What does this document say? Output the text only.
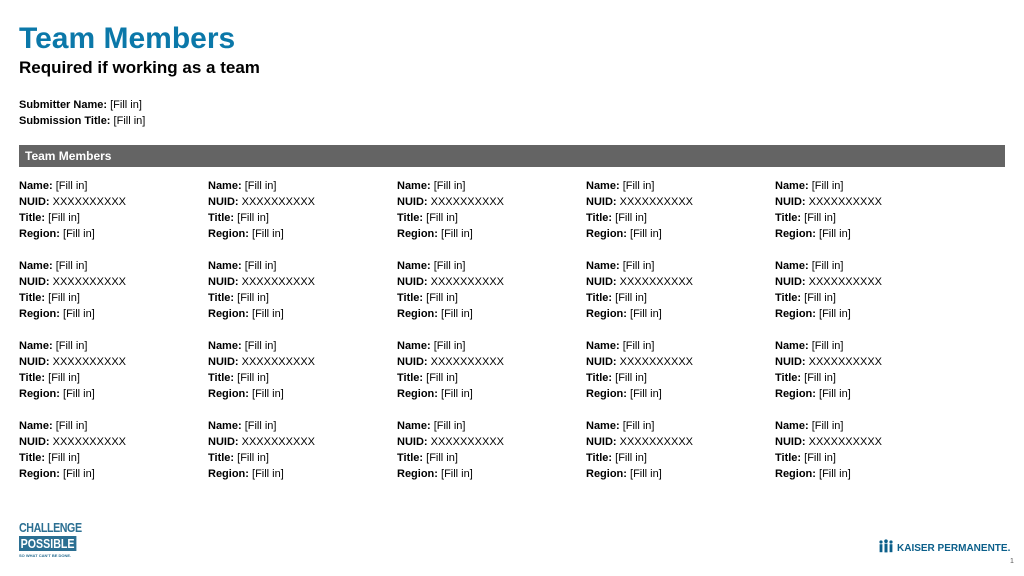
Team Members
Required if working as a team
Submitter Name: [Fill in]
Submission Title: [Fill in]
Team Members
Name: [Fill in]
NUID: XXXXXXXXXX
Title: [Fill in]
Region: [Fill in]
Name: [Fill in]
NUID: XXXXXXXXXX
Title: [Fill in]
Region: [Fill in]
Name: [Fill in]
NUID: XXXXXXXXXX
Title: [Fill in]
Region: [Fill in]
Name: [Fill in]
NUID: XXXXXXXXXX
Title: [Fill in]
Region: [Fill in]
Name: [Fill in]
NUID: XXXXXXXXXX
Title: [Fill in]
Region: [Fill in]
Name: [Fill in]
NUID: XXXXXXXXXX
Title: [Fill in]
Region: [Fill in]
Name: [Fill in]
NUID: XXXXXXXXXX
Title: [Fill in]
Region: [Fill in]
Name: [Fill in]
NUID: XXXXXXXXXX
Title: [Fill in]
Region: [Fill in]
Name: [Fill in]
NUID: XXXXXXXXXX
Title: [Fill in]
Region: [Fill in]
Name: [Fill in]
NUID: XXXXXXXXXX
Title: [Fill in]
Region: [Fill in]
Name: [Fill in]
NUID: XXXXXXXXXX
Title: [Fill in]
Region: [Fill in]
Name: [Fill in]
NUID: XXXXXXXXXX
Title: [Fill in]
Region: [Fill in]
Name: [Fill in]
NUID: XXXXXXXXXX
Title: [Fill in]
Region: [Fill in]
Name: [Fill in]
NUID: XXXXXXXXXX
Title: [Fill in]
Region: [Fill in]
Name: [Fill in]
NUID: XXXXXXXXXX
Title: [Fill in]
Region: [Fill in]
Name: [Fill in]
NUID: XXXXXXXXXX
Title: [Fill in]
Region: [Fill in]
Name: [Fill in]
NUID: XXXXXXXXXX
Title: [Fill in]
Region: [Fill in]
Name: [Fill in]
NUID: XXXXXXXXXX
Title: [Fill in]
Region: [Fill in]
Name: [Fill in]
NUID: XXXXXXXXXX
Title: [Fill in]
Region: [Fill in]
Name: [Fill in]
NUID: XXXXXXXXXX
Title: [Fill in]
Region: [Fill in]
CHALLENGE
POSSIBLE
SO WHAT CAN'T BE DONE.
KAISER PERMANENTE.
1
